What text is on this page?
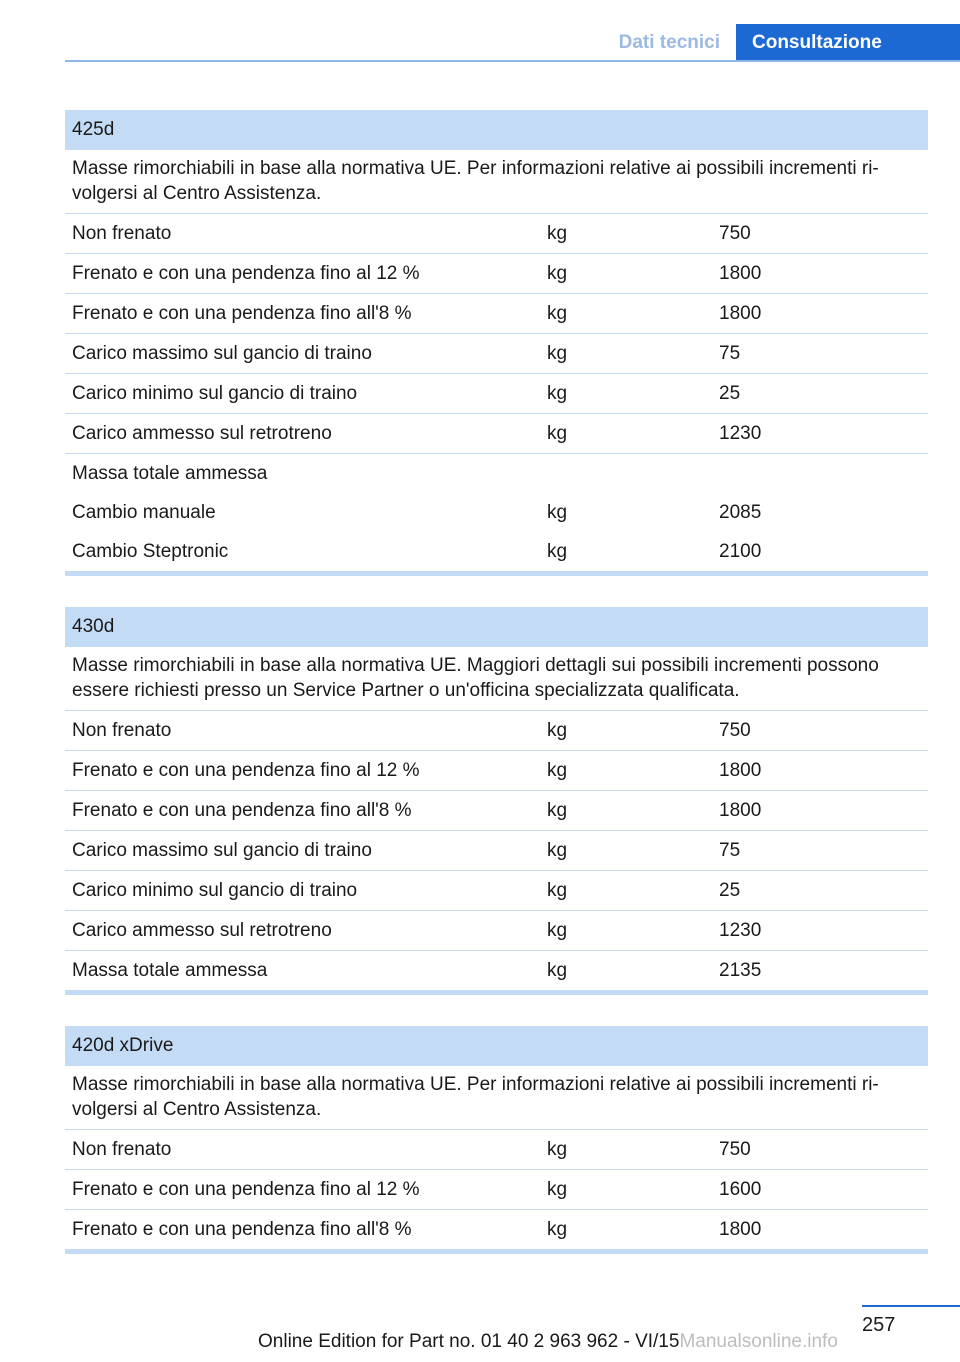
Dati tecnici	Consultazione
425d
Masse rimorchiabili in base alla normativa UE. Per informazioni relative ai possibili incrementi rivolgersi al Centro Assistenza.
Non frenato	kg	750
Frenato e con una pendenza fino al 12 %	kg	1800
Frenato e con una pendenza fino all'8 %	kg	1800
Carico massimo sul gancio di traino	kg	75
Carico minimo sul gancio di traino	kg	25
Carico ammesso sul retrotreno	kg	1230
Massa totale ammessa
Cambio manuale	kg	2085
Cambio Steptronic	kg	2100
430d
Masse rimorchiabili in base alla normativa UE. Maggiori dettagli sui possibili incrementi possono essere richiesti presso un Service Partner o un'officina specializzata qualificata.
Non frenato	kg	750
Frenato e con una pendenza fino al 12 %	kg	1800
Frenato e con una pendenza fino all'8 %	kg	1800
Carico massimo sul gancio di traino	kg	75
Carico minimo sul gancio di traino	kg	25
Carico ammesso sul retrotreno	kg	1230
Massa totale ammessa	kg	2135
420d xDrive
Masse rimorchiabili in base alla normativa UE. Per informazioni relative ai possibili incrementi rivolgersi al Centro Assistenza.
Non frenato	kg	750
Frenato e con una pendenza fino al 12 %	kg	1600
Frenato e con una pendenza fino all'8 %	kg	1800
257
Online Edition for Part no. 01 40 2 963 962 - VI/15Manualsonline.info
